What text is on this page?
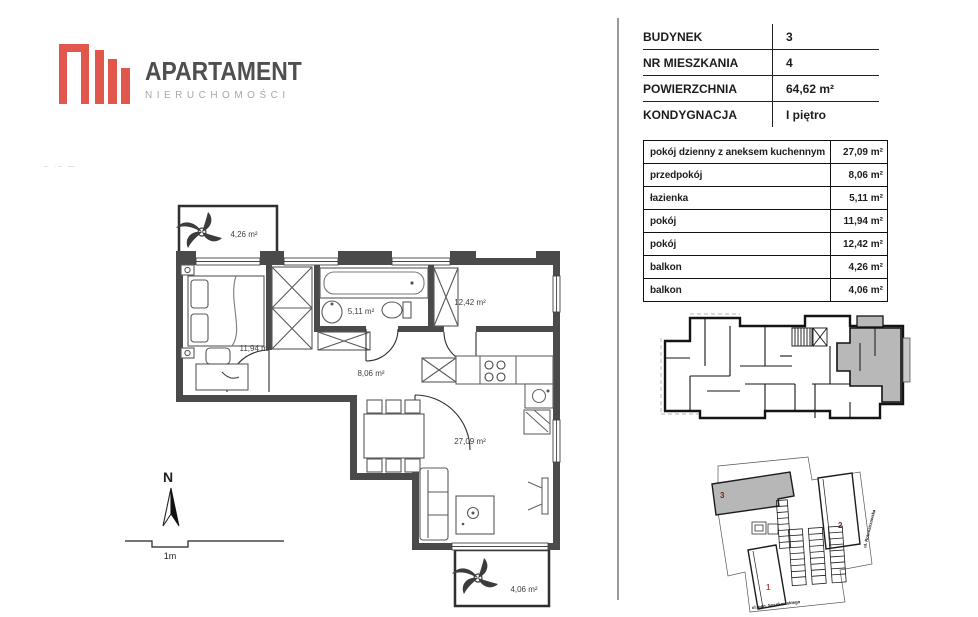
APARTAMENT
NIERUCHOMOŚCI
– ·– —
BUDYNEK	3
NR MIESZKANIA	4
POWIERZCHNIA	64,62 m²
KONDYGNACJA	I piętro
pokój dzienny z aneksem kuchennym	27,09 m²
przedpokój	8,06 m²
łazienka	5,11 m²
pokój	11,94 m²
pokój	12,42 m²
balkon	4,26 m²
balkon	4,06 m²
4,26 m²
4,06 m²
11,94 m²
5,11 m²
12,42 m²
8,06 m²
27,09 m²
N
1m
3
2
1
ul. gen. Sosnkowskiego
ul. Rotmistrzowska
